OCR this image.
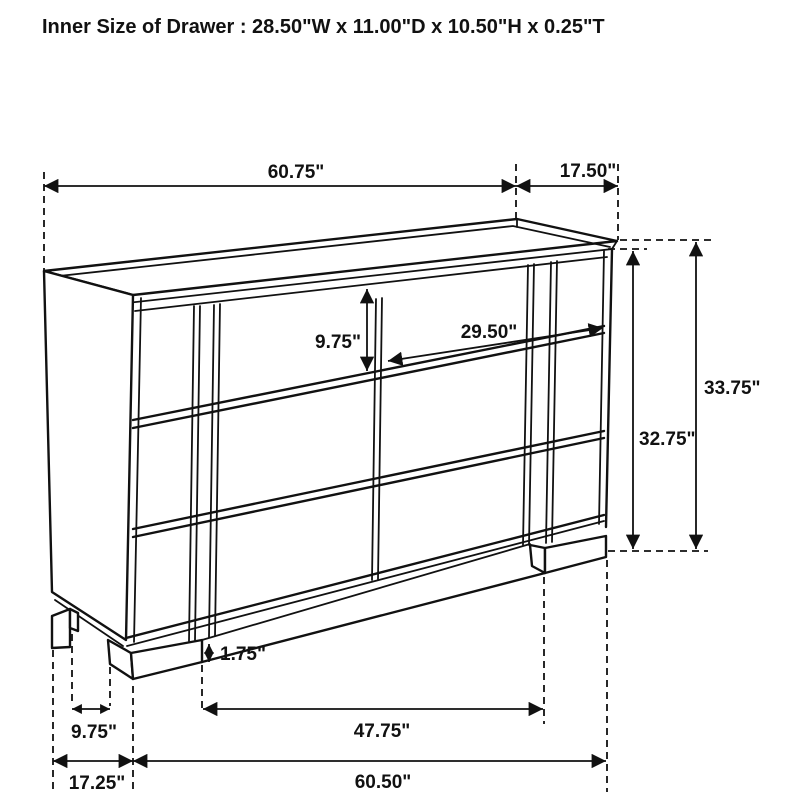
Inner Size of Drawer : 28.50"W x 11.00"D x 10.50"H x 0.25"T
60.75"	17.50"
9.75"	29.50"
32.75"
33.75"
1.75"
9.75"	47.75"
17.25"	60.50"
